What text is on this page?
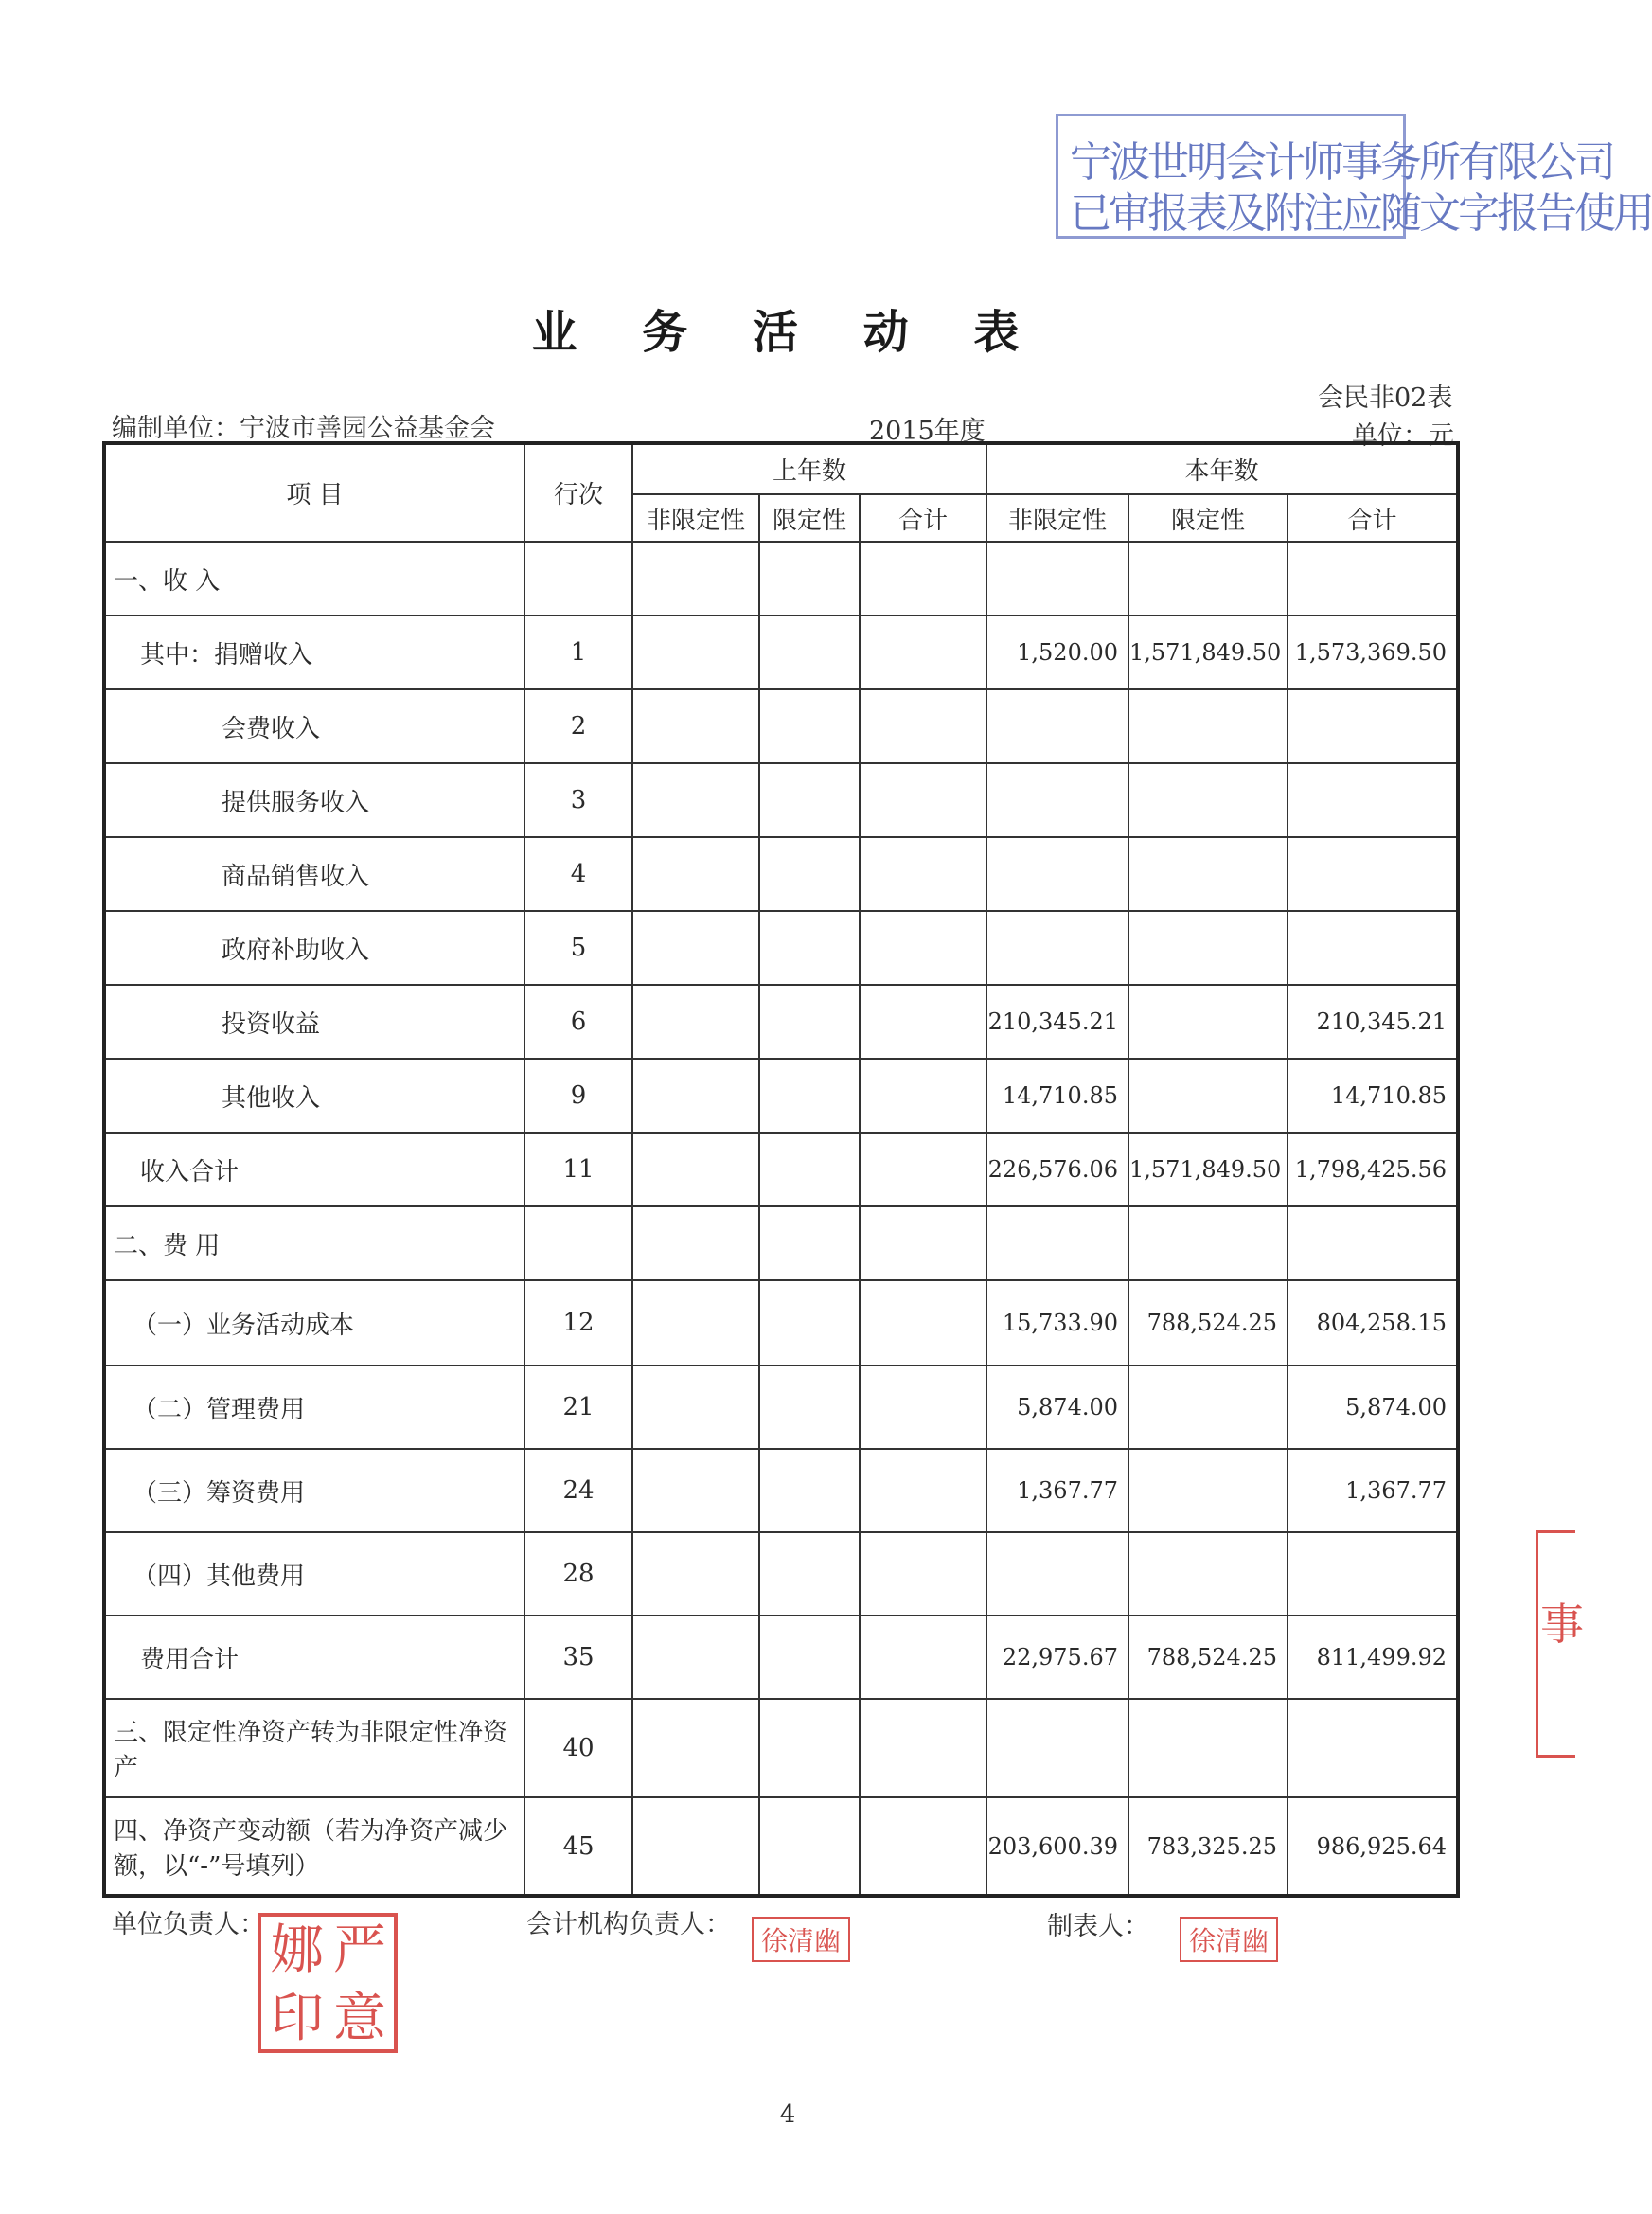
宁波世明会计师事务所有限公司
已审报表及附注应随文字报告使用
业 务 活 动 表
会民非02表
编制单位：宁波市善园公益基金会	2015年度	单位：元
项 目	行次	上年数			本年数		
		非限定性	限定性	合计	非限定性	限定性	合计
一、收 入							
其中：捐赠收入	1				1,520.00	1,571,849.50	1,573,369.50
会费收入	2						
提供服务收入	3						
商品销售收入	4						
政府补助收入	5						
投资收益	6				210,345.21		210,345.21
其他收入	9				14,710.85		14,710.85
收入合计	11				226,576.06	1,571,849.50	1,798,425.56
二、费 用							
（一）业务活动成本	12				15,733.90	788,524.25	804,258.15
（二）管理费用	21				5,874.00		5,874.00
（三）筹资费用	24				1,367.77		1,367.77
（四）其他费用	28						
费用合计	35				22,975.67	788,524.25	811,499.92
三、限定性净资产转为非限定性净资产	40						
四、净资产变动额（若为净资产减少额，以“-”号填列）	45				203,600.39	783,325.25	986,925.64
单位负责人： 严
意
娜
印
会计机构负责人：
徐清幽	制表人：	徐清幽
事
4
